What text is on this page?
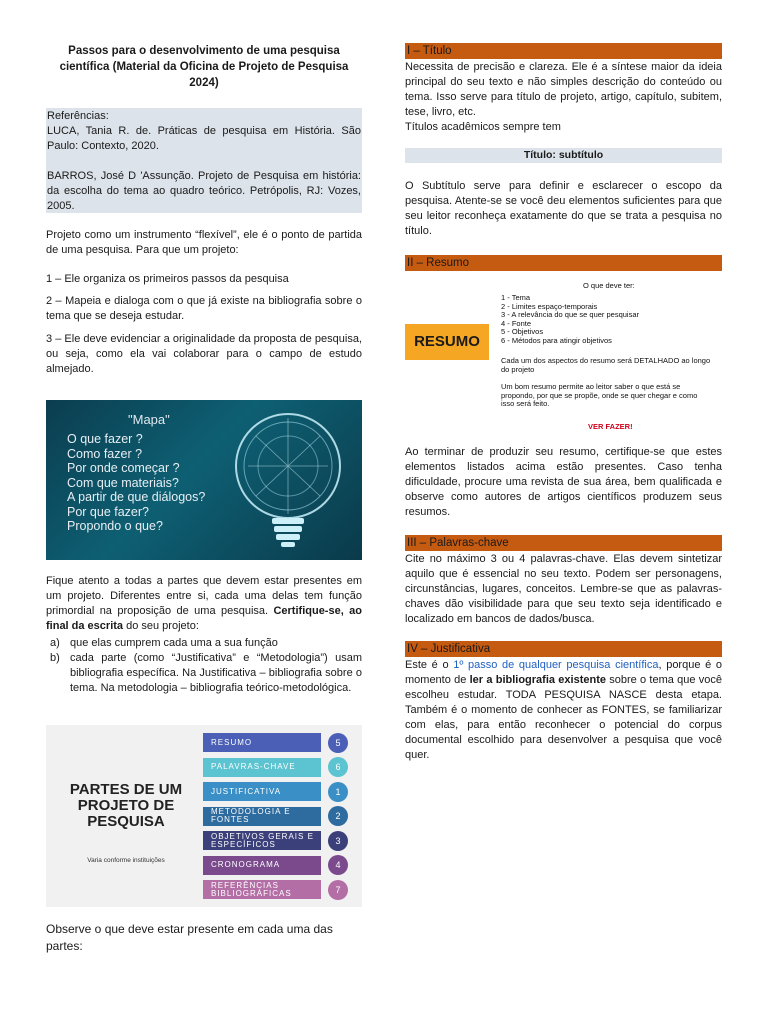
Passos para o desenvolvimento de uma pesquisa científica (Material da Oficina de Projeto de Pesquisa 2024)

Referências:

LUCA, Tania R. de. Práticas de pesquisa em História. São Paulo: Contexto, 2020.

BARROS, José D 'Assunção. Projeto de Pesquisa em história: da escolha do tema ao quadro teórico. Petrópolis, RJ: Vozes, 2005.

Projeto como um instrumento “flexível”, ele é o ponto de partida de uma pesquisa. Para que um projeto:
1 – Ele organiza os primeiros passos da pesquisa
2 – Mapeia e dialoga com o que já existe na bibliografia sobre o tema que se deseja estudar.
3 – Ele deve evidenciar a originalidade da proposta de pesquisa, ou seja, como ela vai colaborar para o campo de estudo almejado.
"Mapa"
O que fazer ?
Como fazer ?
Por onde começar ?
Com que materiais?
A partir de que diálogos?
Por que fazer?
Propondo o que?
Fique atento a todas a partes que devem estar presentes em um projeto. Diferentes entre si, cada uma delas tem função primordial na proposição de uma pesquisa. Certifique-se, ao final da escrita do seu projeto:
a) que elas cumprem cada uma a sua função
b) cada parte (como “Justificativa” e “Metodologia”) usam bibliografia específica. Na Justificativa – bibliografia sobre o tema. Na metodologia – bibliografia teórico-metodológica.
PARTES DE UM PROJETO DE PESQUISA
Varia conforme instituições
RESUMO	5
PALAVRAS-CHAVE	6
JUSTIFICATIVA	1
METODOLOGIA E FONTES	2
OBJETIVOS GERAIS E ESPECÍFICOS	3
CRONOGRAMA	4
REFERÊNCIAS BIBLIOGRÁFICAS	7
Observe o que deve estar presente em cada uma das partes:
I – Título
Necessita de precisão e clareza. Ele é a síntese maior da ideia principal do seu texto e não simples descrição do conteúdo ou tema. Isso serve para título de projeto, artigo, capítulo, subitem, tese, livro, etc.
Títulos acadêmicos sempre tem
Título: subtítulo
O Subtítulo serve para definir e esclarecer o escopo da pesquisa. Atente-se se você deu elementos suficientes para que seu leitor reconheça exatamente do que se trata a pesquisa no título.
II – Resumo
RESUMO
O que deve ter:
1 - Tema
2 - Limites espaço-temporais
3 - A relevância do que se quer pesquisar
4 - Fonte
5 - Objetivos
6 - Métodos para atingir objetivos
Cada um dos aspectos do resumo será DETALHADO ao longo do projeto
Um bom resumo permite ao leitor saber o que está se propondo, por que se propõe, onde se quer chegar e como isso será feito.
VER FAZER!
Ao terminar de produzir seu resumo, certifique-se que estes elementos listados acima estão presentes. Caso tenha dificuldade, procure uma revista de sua área, bem qualificada e observe como autores de artigos científicos produzem seus resumos.
III – Palavras-chave
Cite no máximo 3 ou 4 palavras-chave. Elas devem sintetizar aquilo que é essencial no seu texto. Podem ser personagens, circunstâncias, lugares, conceitos. Lembre-se que as palavras-chaves dão visibilidade para que seu texto seja identificado e localizado em bancos de dados/busca.
IV – Justificativa
Este é o 1º passo de qualquer pesquisa científica, porque é o momento de ler a bibliografia existente sobre o tema que você escolheu estudar. TODA PESQUISA NASCE desta etapa. Também é o momento de conhecer as FONTES, se familiarizar com elas, para então reconhecer o potencial do corpus documental escolhido para desenvolver a pesquisa que você quer.
